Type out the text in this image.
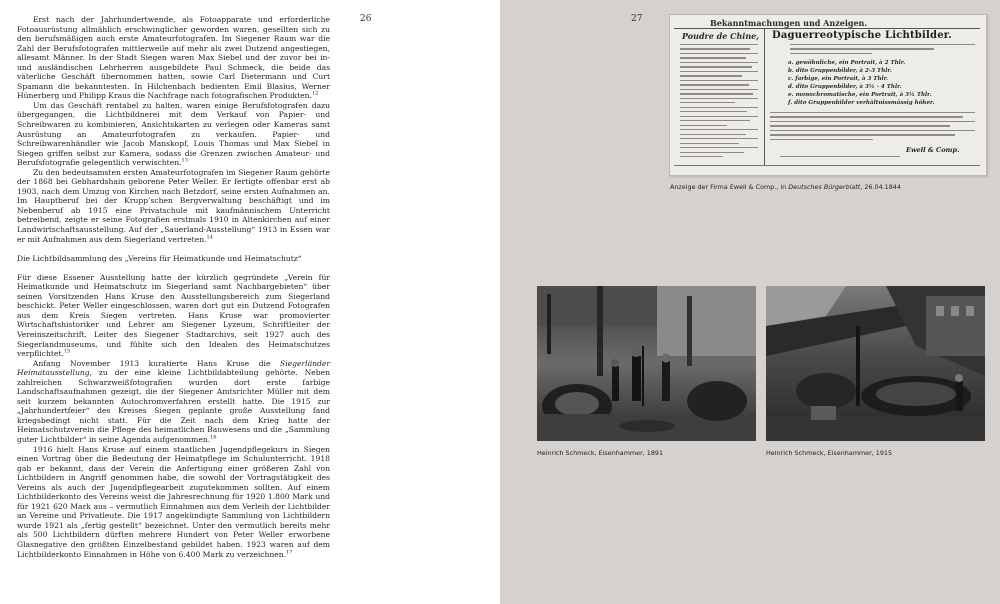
26

Erst nach der Jahrhundertwende, als Fotoapparate und erforderliche Fotoausrüstung allmählich erschwinglicher geworden waren, gesellten sich zu den berufsmäßigen auch erste Amateurfotografen. Im Siegener Raum war die Zahl der Berufsfotografen mittlerweile auf mehr als zwei Dutzend angestiegen, allesamt Männer. In der Stadt Siegen waren Max Siebel und der zuvor bei in- und ausländischen Lehrherren ausgebildete Paul Schmeck, die beide das väterliche Geschäft übernommen hatten, sowie Carl Dietermann und Curt Spamann die bekanntesten. In Hilchenbach bedienten Emil Blasius, Werner Hünerberg und Philipp Kraus die Nachfrage nach fotografischen Produkten.$^{12}$

Um das Geschäft rentabel zu halten, waren einige Berufsfotografen dazu übergegangen, die Lichtbildnerei mit dem Verkauf von Papier- und Schreibwaren zu kombinieren, Ansichtskarten zu verlegen oder Kameras samt Ausrüstung an Amateurfotografen zu verkaufen. Papier- und Schreibwarenhändler wie Jacob Manskopf, Louis Thomas und Max Siebel in Siegen griffen selbst zur Kamera, sodass die Grenzen zwischen Amateur- und Berufsfotografie gelegentlich verwischten.$^{13}$

Zu den bedeutsamsten ersten Amateurfotografen im Siegener Raum gehörte der 1868 bei Gebhardshain geborene Peter Weller. Er fertigte offenbar erst ab 1903, nach dem Umzug von Kirchen nach Betzdorf, seine ersten Aufnahmen an. Im Hauptberuf bei der Krupp’schen Bergverwaltung beschäftigt und im Nebenberuf ab 1915 eine Privatschule mit kaufmännischem Unterricht betreibend, zeigte er seine Fotografien erstmals 1910 in Altenkirchen auf einer Landwirtschaftsausstellung. Auf der „Sauerland-Ausstellung“ 1913 in Essen war er mit Aufnahmen aus dem Siegerland vertreten.$^{14}$

Die Lichtbildsammlung des „Vereins für Heimatkunde und Heimatschutz“

Für diese Essener Ausstellung hatte der kürzlich gegründete „Verein für Heimatkunde und Heimatschutz im Siegerland samt Nachbargebieten“ über seinen Vorsitzenden Hans Kruse den Ausstellungsbereich zum Siegerland beschickt. Peter Weller eingeschlossen, waren dort gut ein Dutzend Fotografen aus dem Kreis Siegen vertreten. Hans Kruse war promovierter Wirtschaftshistoriker und Lehrer am Siegener Lyzeum, Schriftleiter der Vereinszeitschrift, Leiter des Siegener Stadtarchivs, seit 1927 auch des Siegerlandmuseums, und fühlte sich den Idealen des Heimatschutzes verpflichtet.$^{15}$

Anfang November 1913 kuratierte Hans Kruse die Siegerländer Heimatausstellung, zu der eine kleine Lichtbildabteilung gehörte. Neben zahlreichen Schwarzweißfotografien wurden dort erste farbige Landschaftsaufnahmen gezeigt, die der Siegener Amtsrichter Müller mit dem seit kurzem bekannten Autochromverfahren erstellt hatte. Die 1915 zur „Jahrhundertfeier“ des Kreises Siegen geplante große Ausstellung fand kriegsbedingt nicht statt. Für die Zeit nach dem Krieg hatte der Heimatschutzverein die Pflege des heimatlichen Bauwesens und die „Sammlung guter Lichtbilder“ in seine Agenda aufgenommen.$^{16}$

1916 hielt Hans Kruse auf einem staatlichen Jugendpflegekurs in Siegen einen Vortrag über die Bedeutung der Heimatpflege im Schulunterricht. 1918 gab er bekannt, dass der Verein die Anfertigung einer größeren Zahl von Lichtbildern in Angriff genommen habe, die sowohl der Vortragstätigkeit des Vereins als auch der Jugendpflegearbeit zugutekommen sollten. Auf einem Lichtbilderkonto des Vereins weist die Jahresrechnung für 1920 1.800 Mark und für 1921 620 Mark aus – vermutlich Einnahmen aus dem Verleih der Lichtbilder an Vereine und Privatleute. Die 1917 angekündigte Sammlung von Lichtbildern wurde 1921 als „fertig gestellt“ bezeichnet. Unter den vermutlich bereits mehr als 500 Lichtbildern dürften mehrere Hundert von Peter Weller erworbene Glasnegative den größten Einzelbestand gebildet haben. 1923 waren auf dem Lichtbilderkonto Einnahmen in Höhe von 6.400 Mark zu verzeichnen.$^{17}$

27	Bekanntmachungen und Anzeigen.
Poudre de Chine, Daguerreotypische Lichtbilder.
a. gewöhnliche, ein Portrait, à 2 Thlr.
b. dito Gruppenbilder, à 2-3 Thlr.
c. farbige, ein Portrait, à 3 Thlr.
d. dito Gruppenbilder, à 3½ - 4 Thlr.
e. monochromatische, ein Portrait, à 3½ Thlr.
f. dito Gruppenbilder verhältnissmässig höher.
Ewell & Comp.
Anzeige der Firma Ewell & Comp., in Deutsches Bürgerblatt, 26.04.1844
Heinrich Schmeck, Eisenhammer, 1891	Heinrich Schmeck, Eisenhammer, 1915
